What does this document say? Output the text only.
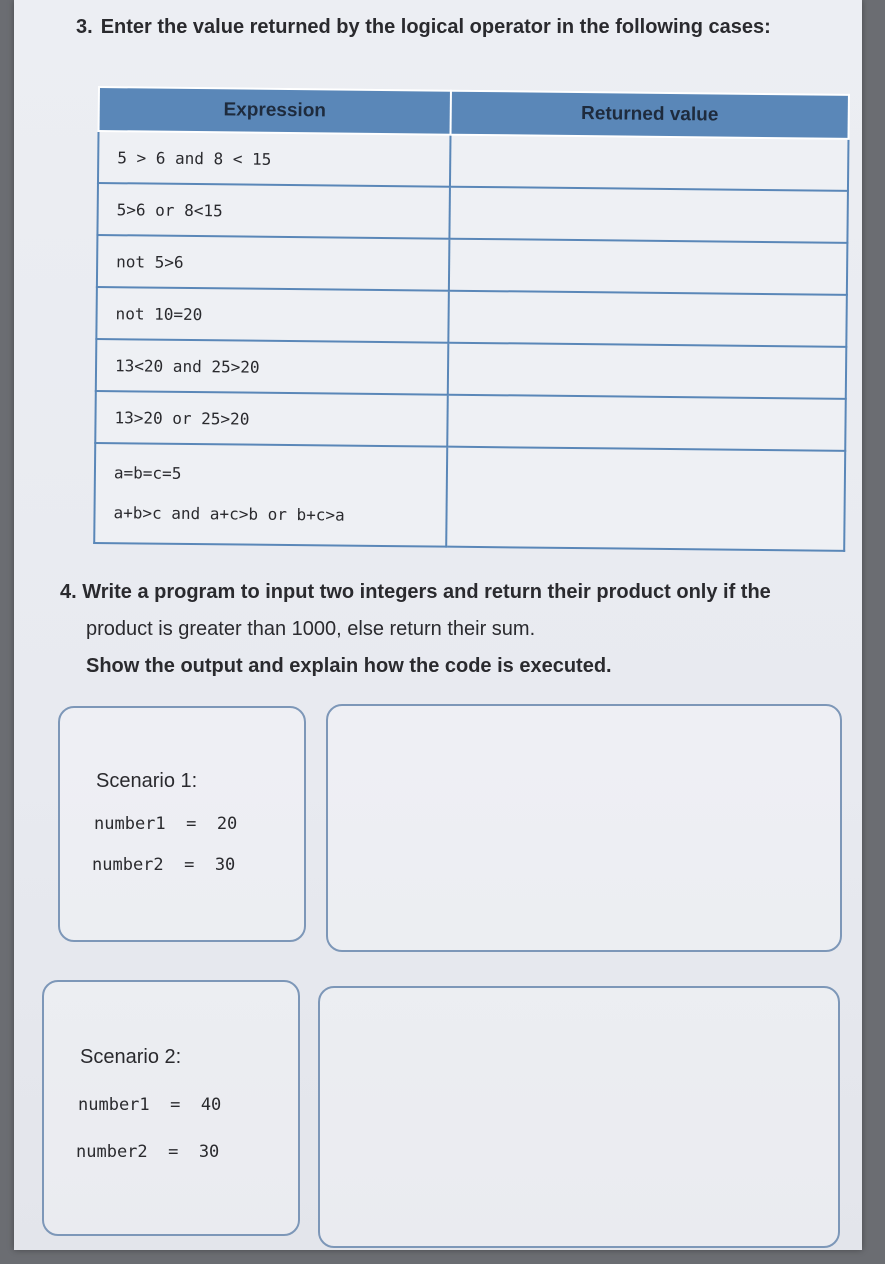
3. Enter the value returned by the logical operator in the following cases:
Expression	Returned value
5 > 6 and 8 < 15	
5>6 or 8<15	
not 5>6	
not 10=20	
13<20 and 25>20	
13>20 or 25>20	

a=b=c=5
a+b>c and a+c>b or b+c>a	

4. Write a program to input two integers and return their product only if the
product is greater than 1000, else return their sum.
Show the output and explain how the code is executed.
Scenario 1:
number1  =  20
number2  =  30
Scenario 2:
number1  =  40
number2  =  30
